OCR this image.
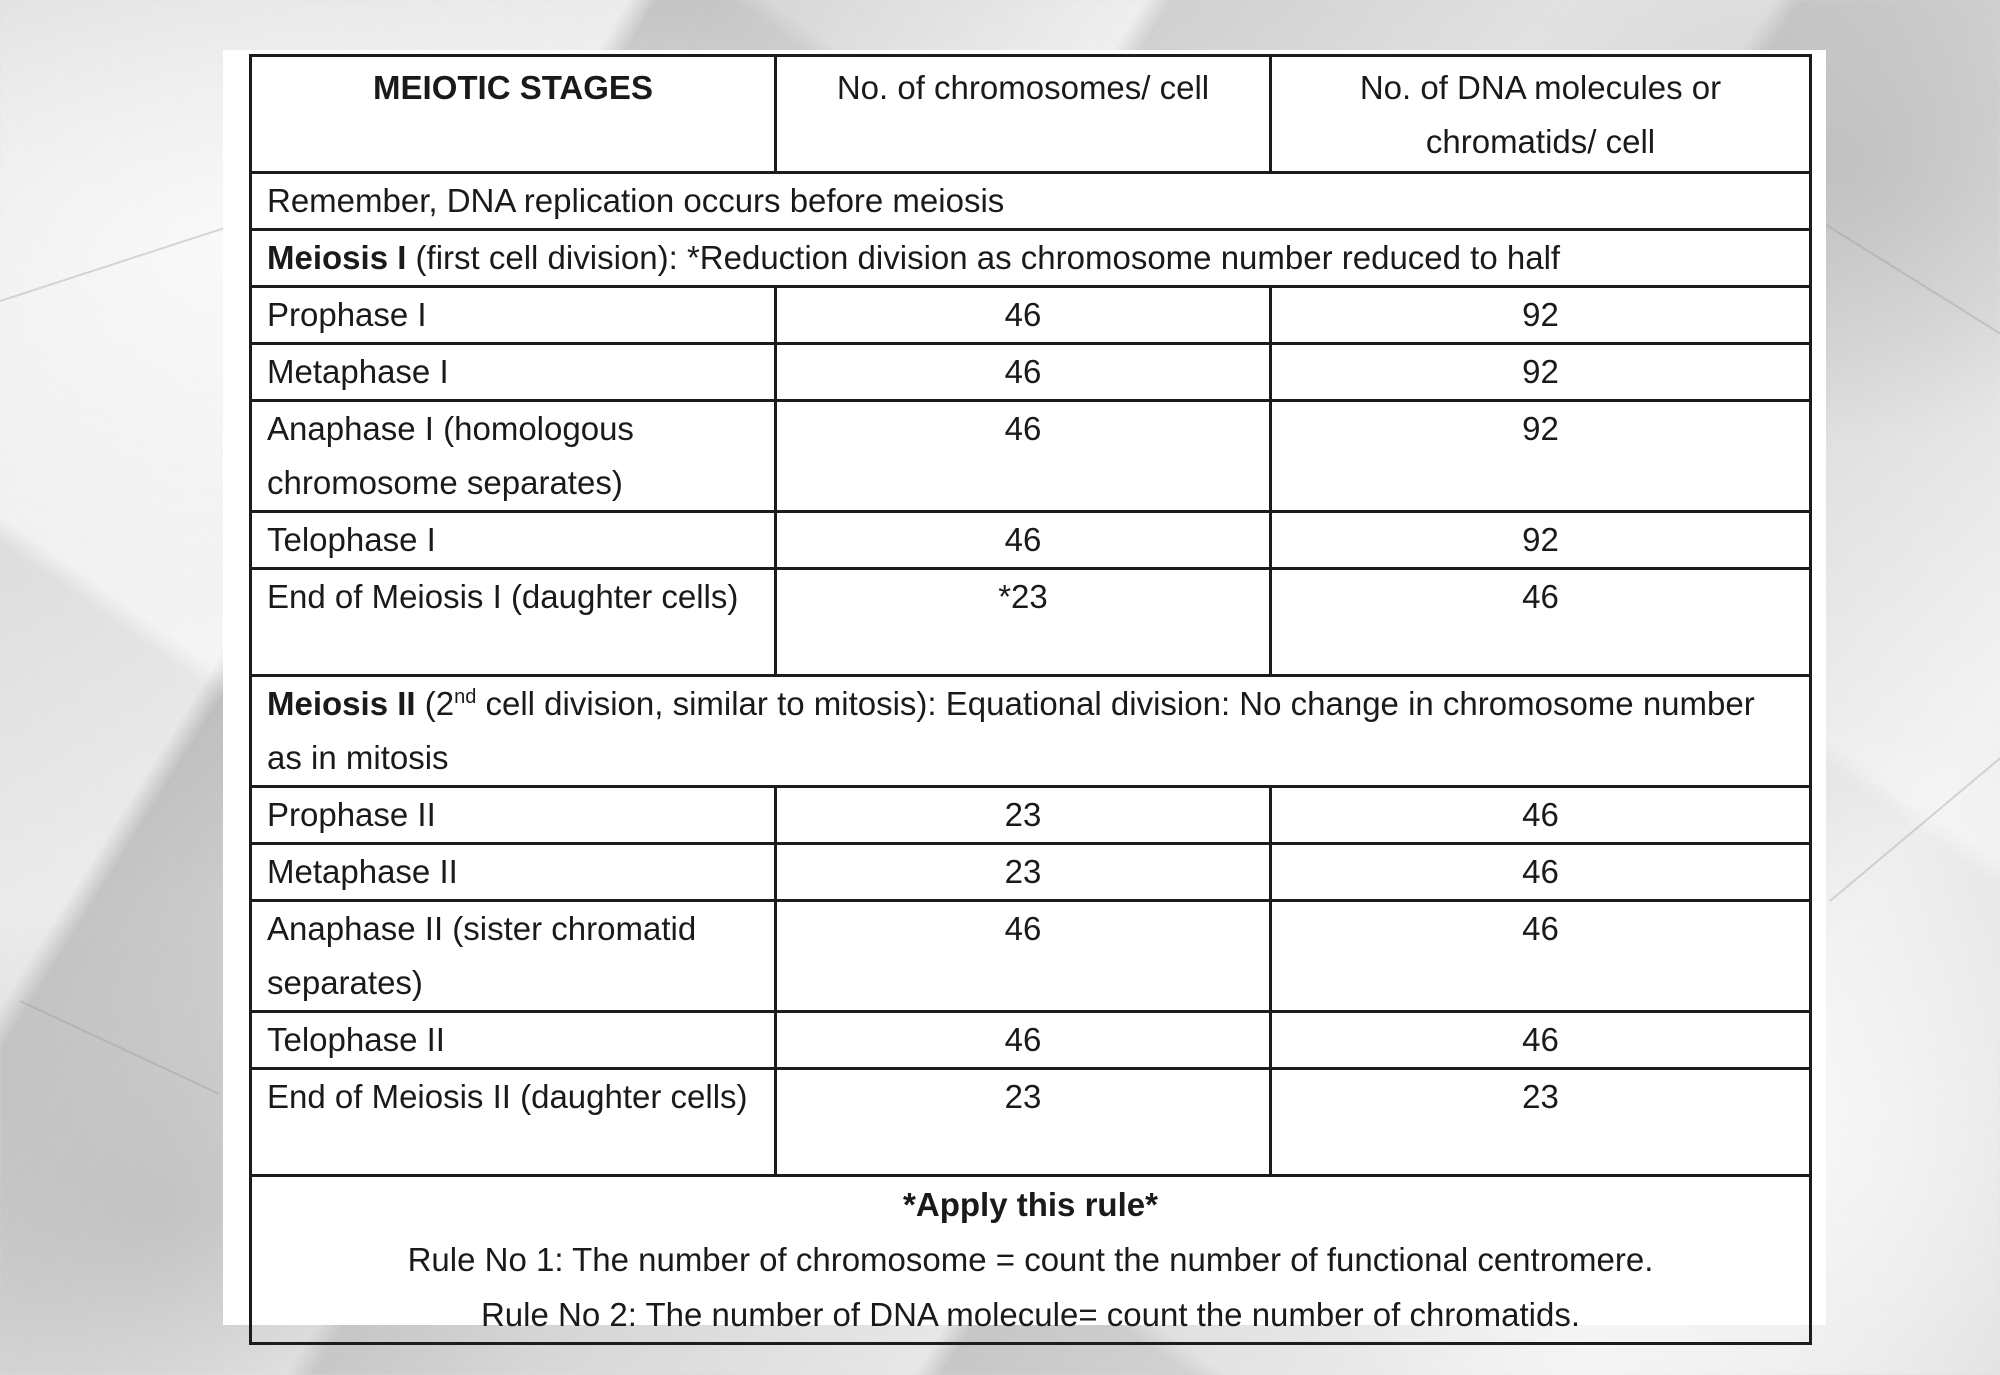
MEIOTIC STAGES	No. of chromosomes/ cell	No. of DNA molecules or chromatids/ cell
Remember, DNA replication occurs before meiosis		
Meiosis I (first cell division): *Reduction division as chromosome number reduced to half		
Prophase I	46	92
Metaphase I	46	92
Anaphase I (homologous chromosome separates)	46	92
Telophase I	46	92
End of Meiosis I (daughter cells)	*23	46
Meiosis II (2nd cell division, similar to mitosis): Equational division: No change in chromosome number as in mitosis		
Prophase II	23	46
Metaphase II	23	46
Anaphase II (sister chromatid separates)	46	46
Telophase II	46	46
End of Meiosis II (daughter cells)	23	23

*Apply this rule*
Rule No 1: The number of chromosome = count the number of functional centromere.
Rule No 2: The number of DNA molecule= count the number of chromatids.		
